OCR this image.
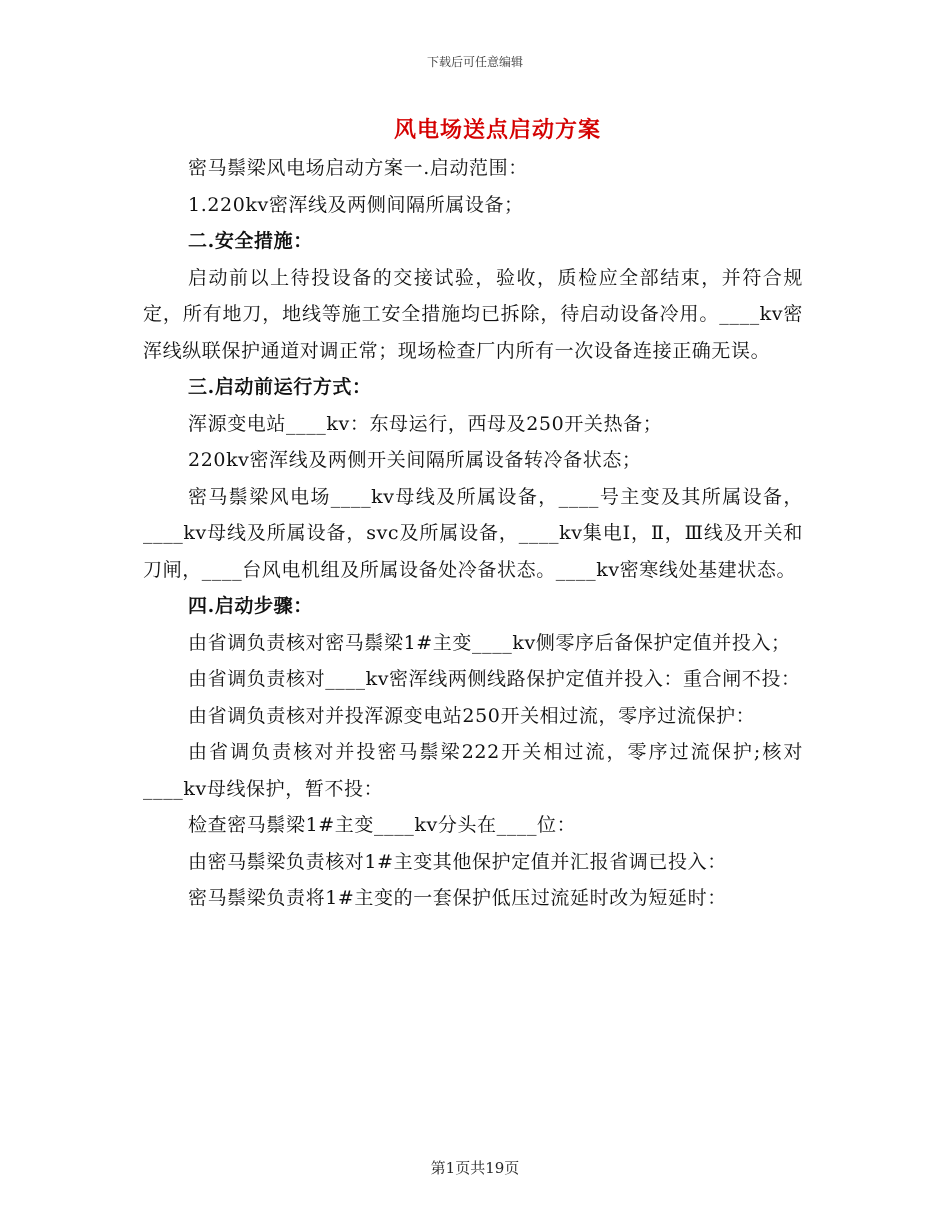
下载后可任意编辑
风电场送点启动方案

密马鬃梁风电场启动方案一.启动范围：

1.220kv密浑线及两侧间隔所属设备；

二.安全措施：

启动前以上待投设备的交接试验，验收，质检应全部结束，并符合规定，所有地刀，地线等施工安全措施均已拆除，待启动设备冷用。____kv密浑线纵联保护通道对调正常；现场检查厂内所有一次设备连接正确无误。

三.启动前运行方式：

浑源变电站____kv：东母运行，西母及250开关热备；

220kv密浑线及两侧开关间隔所属设备转冷备状态；

密马鬃梁风电场____kv母线及所属设备，____号主变及其所属设备，____kv母线及所属设备，svc及所属设备，____kv集电Ⅰ，Ⅱ，Ⅲ线及开关和刀闸，____台风电机组及所属设备处冷备状态。____kv密寒线处基建状态。

四.启动步骤：

由省调负责核对密马鬃梁1#主变____kv侧零序后备保护定值并投入；

由省调负责核对____kv密浑线两侧线路保护定值并投入：重合闸不投：

由省调负责核对并投浑源变电站250开关相过流，零序过流保护：

由省调负责核对并投密马鬃梁222开关相过流，零序过流保护;核对____kv母线保护，暂不投：

检查密马鬃梁1#主变____kv分头在____位：

由密马鬃梁负责核对1#主变其他保护定值并汇报省调已投入：

密马鬃梁负责将1#主变的一套保护低压过流延时改为短延时：

第1页共19页
